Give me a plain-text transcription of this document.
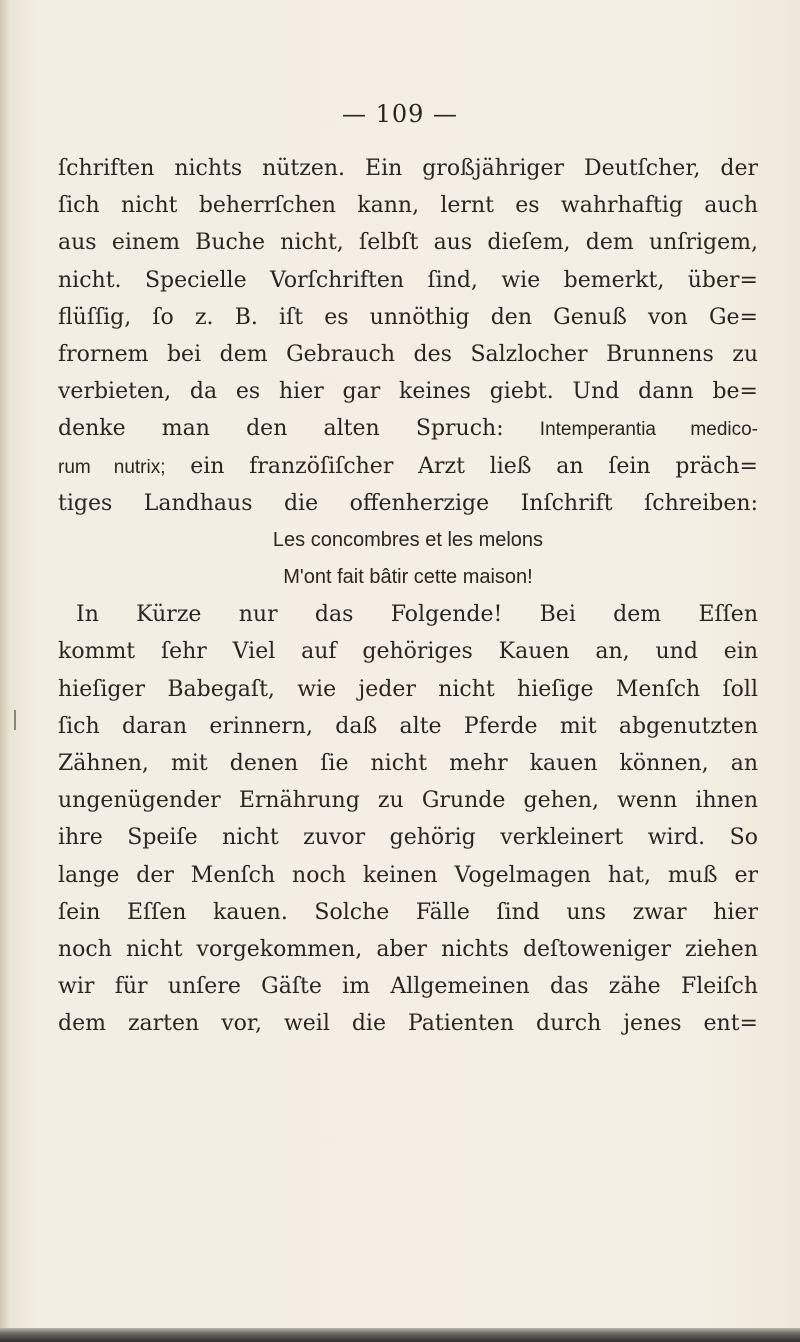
— 109 —
ſchriften nichts nützen. Ein großjähriger Deutſcher, der
ſich nicht beherrſchen kann, lernt es wahrhaftig auch
aus einem Buche nicht, ſelbſt aus dieſem, dem unſrigem,
nicht. Specielle Vorſchriften ſind, wie bemerkt, über=
flüſſig, ſo z. B. iſt es unnöthig den Genuß von Ge=
frornem bei dem Gebrauch des Salzlocher Brunnens zu
verbieten, da es hier gar keines giebt. Und dann be=
denke man den alten Spruch: Intemperantia medico-
rum nutrix; ein franzöſiſcher Arzt ließ an ſein präch=
tiges Landhaus die offenherzige Inſchrift ſchreiben:
Les concombres et les melons
M'ont fait bâtir cette maison!
In Kürze nur das Folgende! Bei dem Eſſen
kommt ſehr Viel auf gehöriges Kauen an, und ein
hieſiger Babegaſt, wie jeder nicht hieſige Menſch ſoll
ſich daran erinnern, daß alte Pferde mit abgenutzten
Zähnen, mit denen ſie nicht mehr kauen können, an
ungenügender Ernährung zu Grunde gehen, wenn ihnen
ihre Speiſe nicht zuvor gehörig verkleinert wird. So
lange der Menſch noch keinen Vogelmagen hat, muß er
ſein Eſſen kauen. Solche Fälle ſind uns zwar hier
noch nicht vorgekommen, aber nichts deſtoweniger ziehen
wir für unſere Gäſte im Allgemeinen das zähe Fleiſch
dem zarten vor, weil die Patienten durch jenes ent=
